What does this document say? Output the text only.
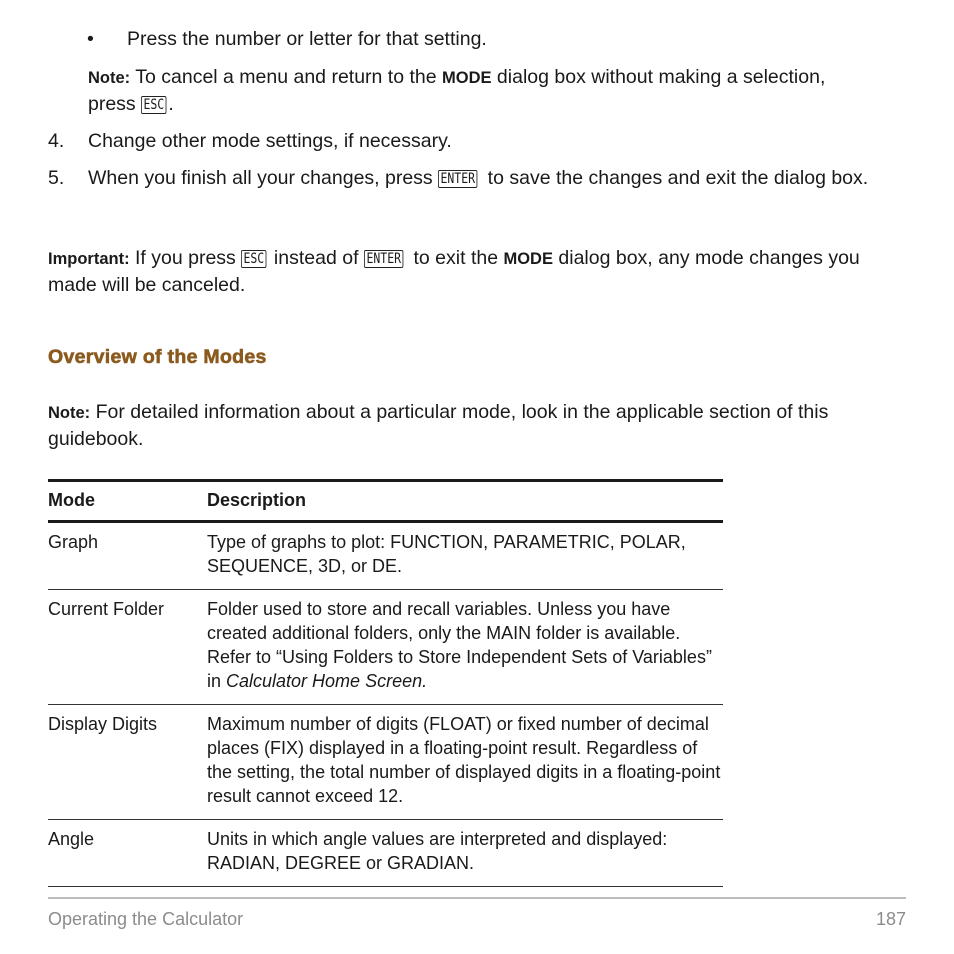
• Press the number or letter for that setting.
Note: To cancel a menu and return to the MODE dialog box without making a selection, press ESC .
4. Change other mode settings, if necessary.
5. When you finish all your changes, press ENTER to save the changes and exit the dialog box.
Important: If you press ESC instead of ENTER to exit the MODE dialog box, any mode changes you made will be canceled.
Overview of the Modes
Note: For detailed information about a particular mode, look in the applicable section of this guidebook.
Mode	Description
Graph	Type of graphs to plot: FUNCTION, PARAMETRIC, POLAR, SEQUENCE, 3D, or DE.
Current Folder	Folder used to store and recall variables. Unless you have created additional folders, only the MAIN folder is available. Refer to “Using Folders to Store Independent Sets of Variables” in Calculator Home Screen.
Display Digits	Maximum number of digits (FLOAT) or fixed number of decimal places (FIX) displayed in a floating-point result. Regardless of the setting, the total number of displayed digits in a floating-point result cannot exceed 12.
Angle	Units in which angle values are interpreted and displayed: RADIAN, DEGREE or GRADIAN.
Operating the Calculator	187
